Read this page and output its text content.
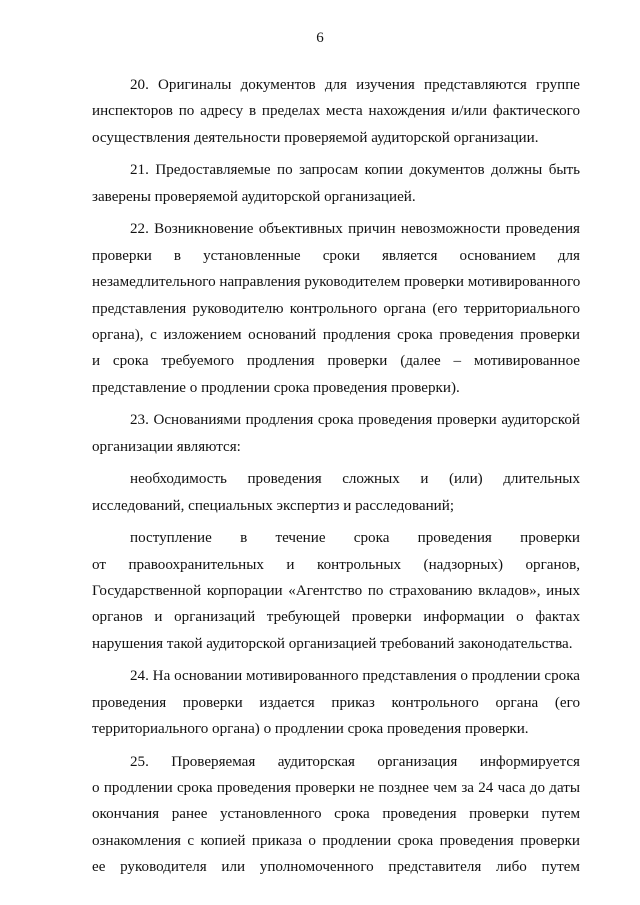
6
20. Оригиналы документов для изучения представляются группе
инспекторов по адресу в пределах места нахождения и/или фактического
осуществления деятельности проверяемой аудиторской организации.
21. Предоставляемые по запросам копии документов должны быть
заверены проверяемой аудиторской организацией.
22. Возникновение объективных причин невозможности проведения
проверки в установленные сроки является основанием для
незамедлительного направления руководителем проверки мотивированного
представления руководителю контрольного органа (его территориального
органа), с изложением оснований продления срока проведения проверки
и срока требуемого продления проверки (далее – мотивированное
представление о продлении срока проведения проверки).
23. Основаниями продления срока проведения проверки аудиторской
организации являются:
необходимость проведения сложных и (или) длительных
исследований, специальных экспертиз и расследований;
поступление в течение срока проведения проверки
от правоохранительных и контрольных (надзорных) органов,
Государственной корпорации «Агентство по страхованию вкладов», иных
органов и организаций требующей проверки информации о фактах
нарушения такой аудиторской организацией требований законодательства.
24. На основании мотивированного представления о продлении срока
проведения проверки издается приказ контрольного органа (его
территориального органа) о продлении срока проведения проверки.
25. Проверяемая аудиторская организация информируется
о продлении срока проведения проверки не позднее чем за 24 часа до даты
окончания ранее установленного срока проведения проверки путем
ознакомления с копией приказа о продлении срока проведения проверки
ее руководителя или уполномоченного представителя либо путем
